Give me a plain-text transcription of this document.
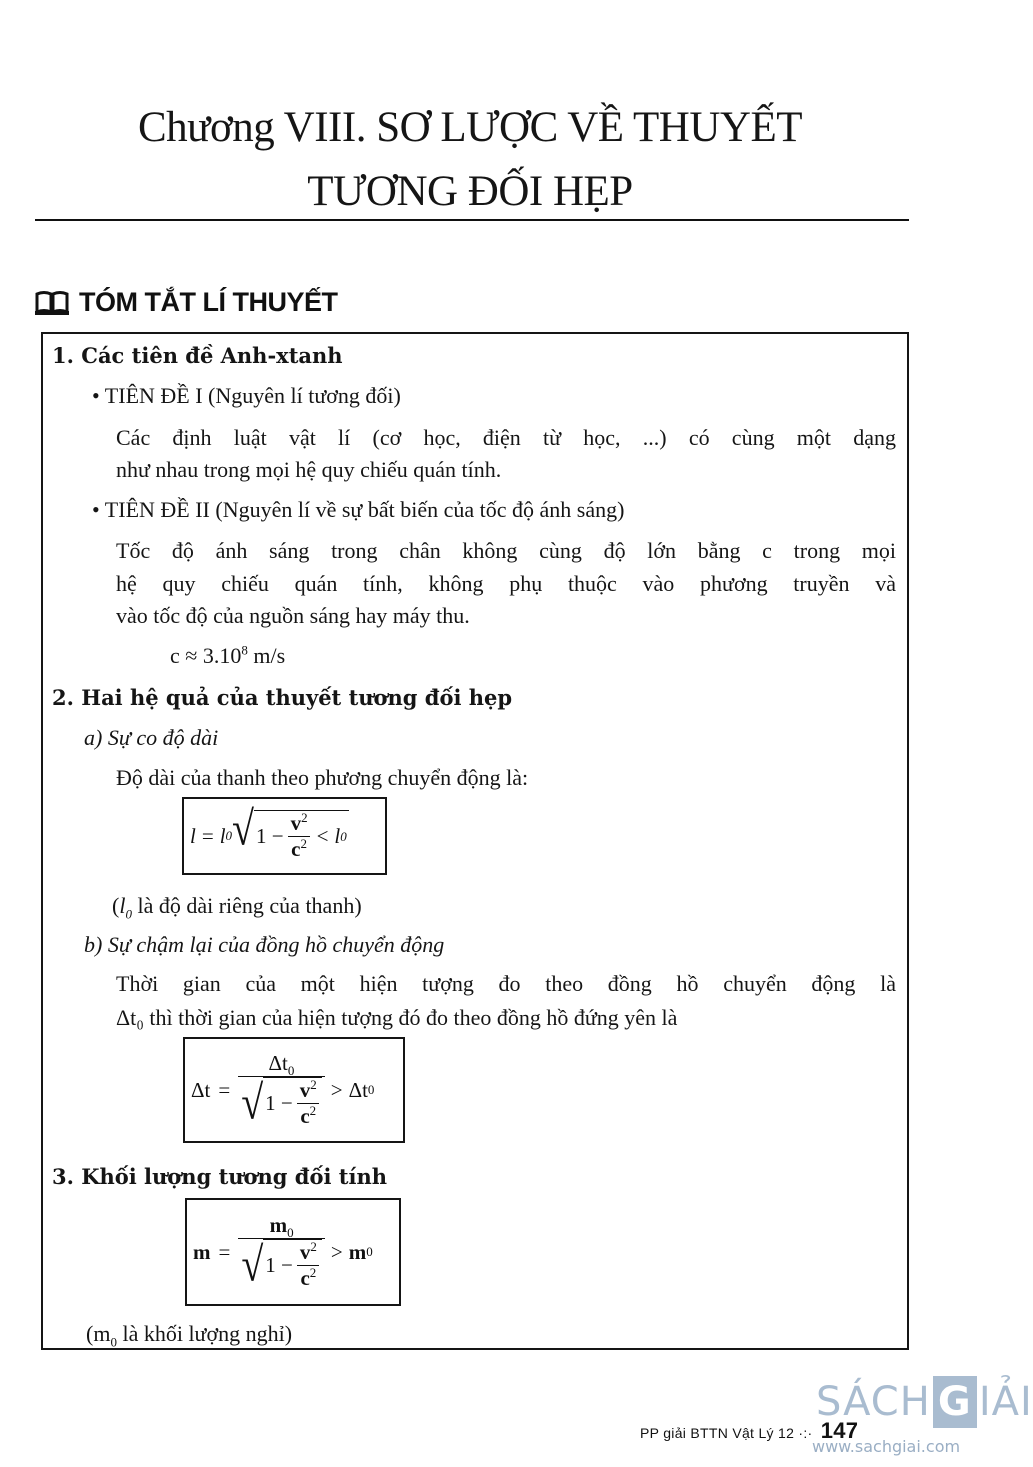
Chương VIII. SƠ LƯỢC VỀ THUYẾT
TƯƠNG ĐỐI HẸP
TÓM TẮT LÍ THUYẾT
1. Các tiên đề Anh-xtanh
• TIÊN ĐỀ I (Nguyên lí tương đối)
Các định luật vật lí (cơ học, điện từ học, ...) có cùng một dạng
như nhau trong mọi hệ quy chiếu quán tính.
• TIÊN ĐỀ II (Nguyên lí về sự bất biến của tốc độ ánh sáng)
Tốc độ ánh sáng trong chân không cùng độ lớn bằng c trong mọi
hệ quy chiếu quán tính, không phụ thuộc vào phương truyền và
vào tốc độ của nguồn sáng hay máy thu.
$c \approx 3.10^8$ m/s
2. Hai hệ quả của thuyết tương đối hẹp
a) Sự co độ dài
Độ dài của thanh theo phương chuyển động là:
l = l 0 √ $1 - \frac{v^2}{c^2} < l$ 0
($l_0$ là độ dài riêng của thanh)
b) Sự chậm lại của đồng hồ chuyển động
Thời gian của một hiện tượng đo theo đồng hồ chuyển động là
Δt₀ thì thời gian của hiện tượng đó đo theo đồng hồ đứng yên là
$\Delta t = \frac{\Delta t_0}{√ 1 - \frac{v^2}{c^2}} > \Delta t$ 0
3. Khối lượng tương đối tính
$m = \frac{m_0}{√ 1 - \frac{v^2}{c^2}} > m$ 0
($m_0$ là khối lượng nghỉ)
SÁCH G IẢI
www.sachgiai.com
PP giải BTTN Vật Lý 12 ·:· 147
